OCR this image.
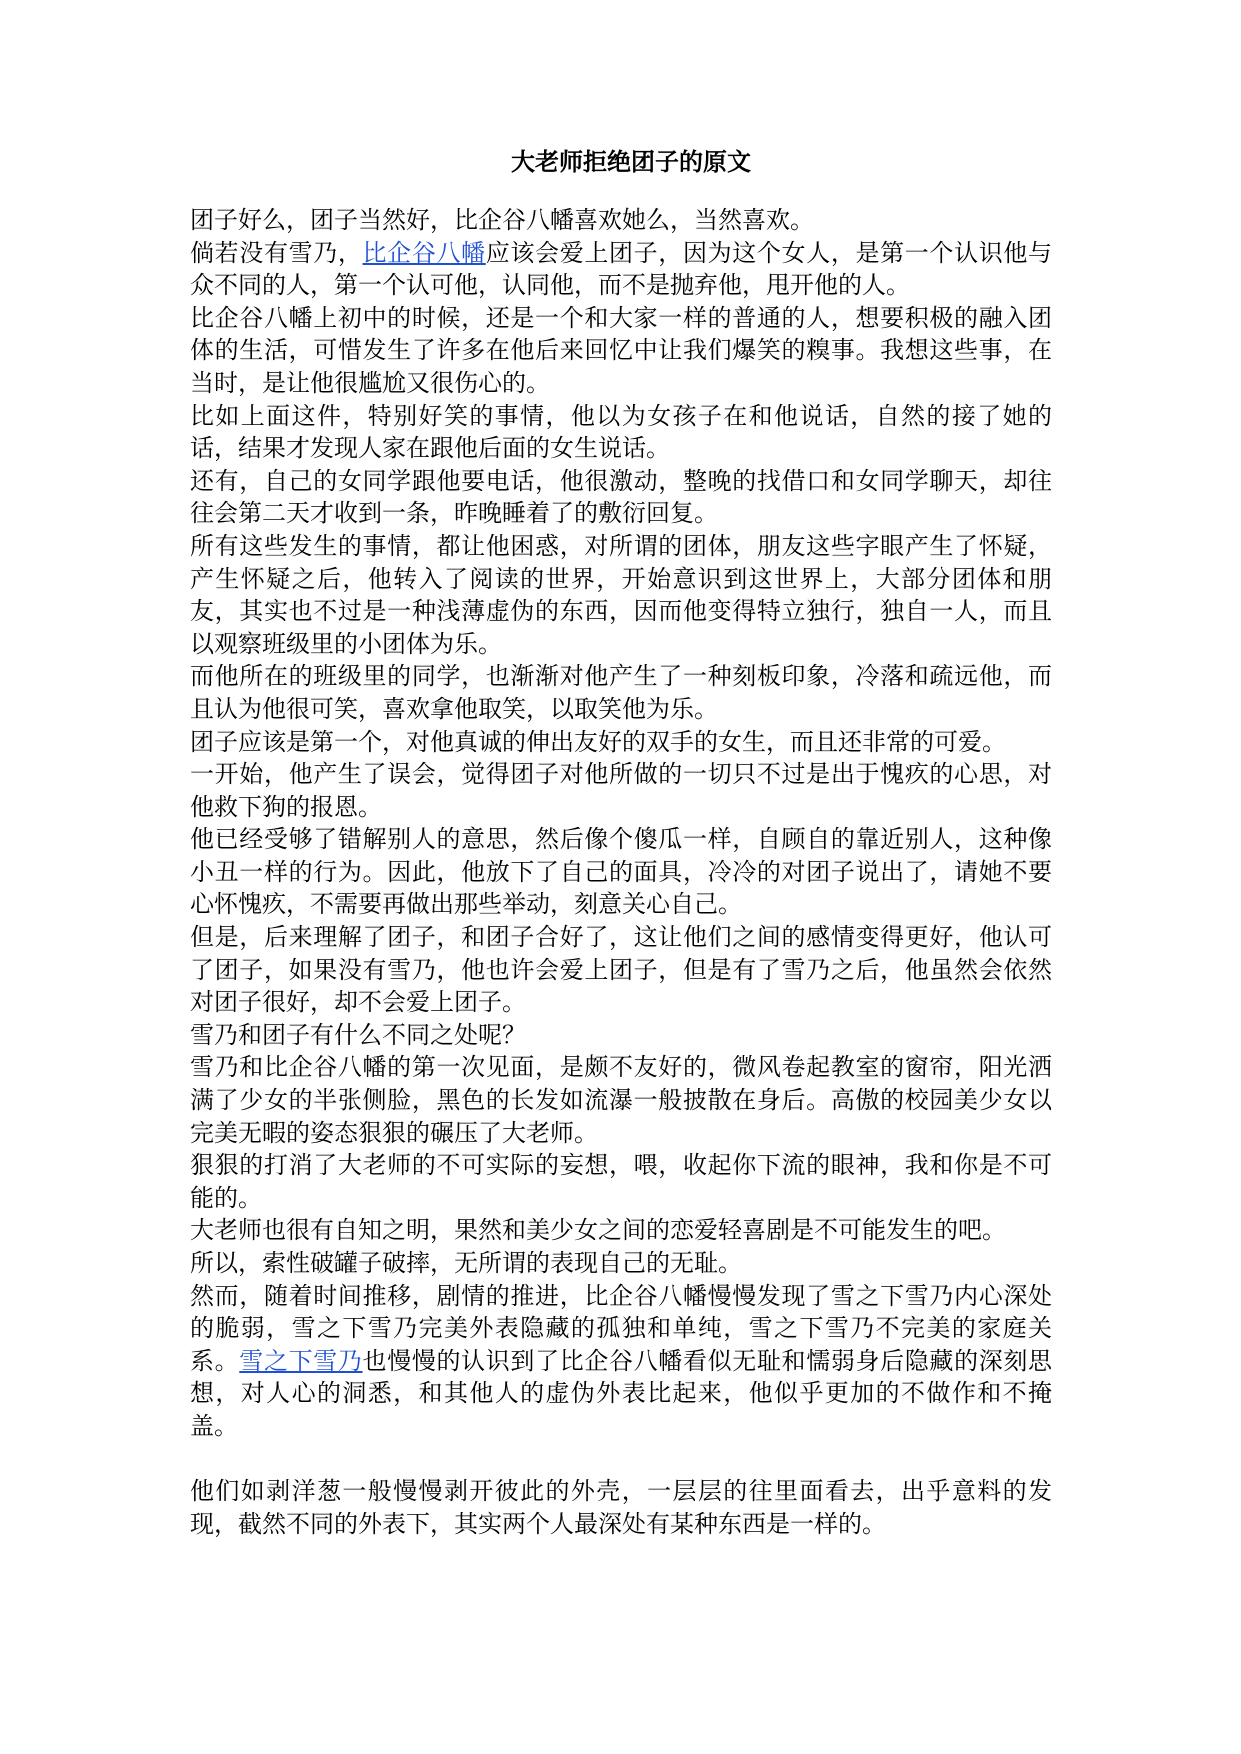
大老师拒绝团子的原文

团子好么，团子当然好，比企谷八幡喜欢她么，当然喜欢。

倘若没有雪乃，比企谷八幡应该会爱上团子，因为这个女人，是第一个认识他与众不同的人，第一个认可他，认同他，而不是抛弃他，甩开他的人。

比企谷八幡上初中的时候，还是一个和大家一样的普通的人，想要积极的融入团体的生活，可惜发生了许多在他后来回忆中让我们爆笑的糗事。我想这些事，在当时，是让他很尴尬又很伤心的。

比如上面这件，特别好笑的事情，他以为女孩子在和他说话，自然的接了她的话，结果才发现人家在跟他后面的女生说话。

还有，自己的女同学跟他要电话，他很激动，整晚的找借口和女同学聊天，却往往会第二天才收到一条，昨晚睡着了的敷衍回复。

所有这些发生的事情，都让他困惑，对所谓的团体，朋友这些字眼产生了怀疑，产生怀疑之后，他转入了阅读的世界，开始意识到这世界上，大部分团体和朋友，其实也不过是一种浅薄虚伪的东西，因而他变得特立独行，独自一人，而且以观察班级里的小团体为乐。

而他所在的班级里的同学，也渐渐对他产生了一种刻板印象，冷落和疏远他，而且认为他很可笑，喜欢拿他取笑，以取笑他为乐。

团子应该是第一个，对他真诚的伸出友好的双手的女生，而且还非常的可爱。

一开始，他产生了误会，觉得团子对他所做的一切只不过是出于愧疚的心思，对他救下狗的报恩。

他已经受够了错解别人的意思，然后像个傻瓜一样，自顾自的靠近别人，这种像小丑一样的行为。因此，他放下了自己的面具，冷冷的对团子说出了，请她不要心怀愧疚，不需要再做出那些举动，刻意关心自己。

但是，后来理解了团子，和团子合好了，这让他们之间的感情变得更好，他认可了团子，如果没有雪乃，他也许会爱上团子，但是有了雪乃之后，他虽然会依然对团子很好，却不会爱上团子。

雪乃和团子有什么不同之处呢？

雪乃和比企谷八幡的第一次见面，是颇不友好的，微风卷起教室的窗帘，阳光洒满了少女的半张侧脸，黑色的长发如流瀑一般披散在身后。高傲的校园美少女以完美无暇的姿态狠狠的碾压了大老师。

狠狠的打消了大老师的不可实际的妄想，喂，收起你下流的眼神，我和你是不可能的。

大老师也很有自知之明，果然和美少女之间的恋爱轻喜剧是不可能发生的吧。

所以，索性破罐子破摔，无所谓的表现自己的无耻。

然而，随着时间推移，剧情的推进，比企谷八幡慢慢发现了雪之下雪乃内心深处的脆弱，雪之下雪乃完美外表隐藏的孤独和单纯，雪之下雪乃不完美的家庭关系。雪之下雪乃也慢慢的认识到了比企谷八幡看似无耻和懦弱身后隐藏的深刻思想，对人心的洞悉，和其他人的虚伪外表比起来，他似乎更加的不做作和不掩盖。

他们如剥洋葱一般慢慢剥开彼此的外壳，一层层的往里面看去，出乎意料的发现，截然不同的外表下，其实两个人最深处有某种东西是一样的。
